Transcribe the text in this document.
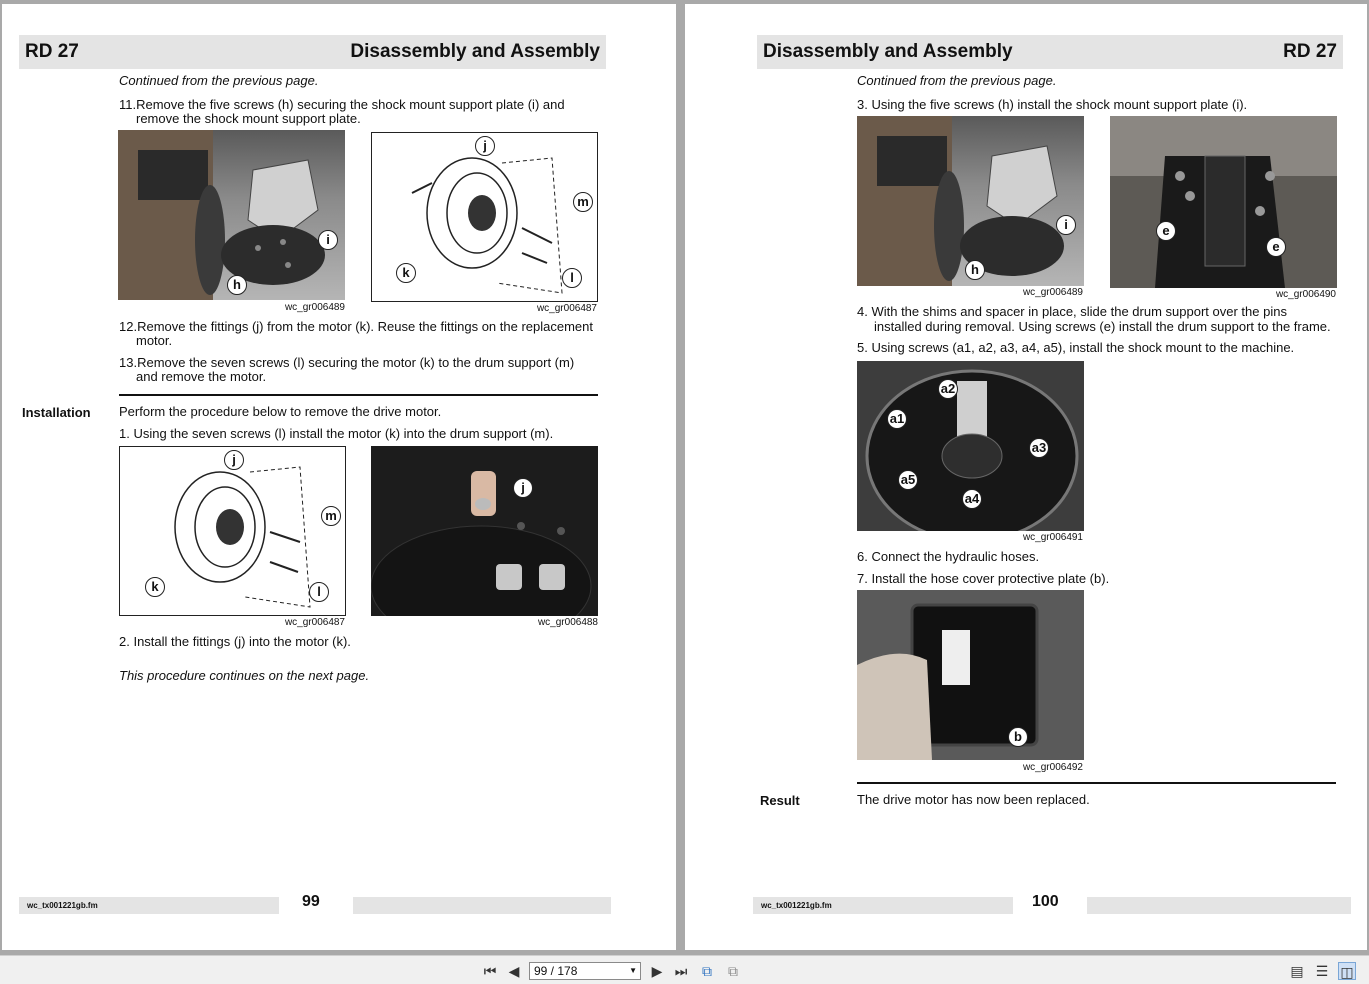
RD 27	Disassembly and Assembly
Continued from the previous page.
11.Remove the five screws (h) securing the shock mount support plate (i) and
remove the shock mount support plate.
i
h
wc_gr006489
j
m
k	l
wc_gr006487
12.Remove the fittings (j) from the motor (k). Reuse the fittings on the replacement
motor.
13.Remove the seven screws (l) securing the motor (k) to the drum support (m)
and remove the motor.
Installation Perform the procedure below to remove the drive motor.
1. Using the seven screws (l) install the motor (k) into the drum support (m).
j
m
k	l
wc_gr006487
j
wc_gr006488
2. Install the fittings (j) into the motor (k).
This procedure continues on the next page.
wc_tx001221gb.fm	99
Disassembly and Assembly	RD 27
Continued from the previous page.
3. Using the five screws (h) install the shock mount support plate (i).
i
h
wc_gr006489
e
e
wc_gr006490
4. With the shims and spacer in place, slide the drum support over the pins
installed during removal. Using screws (e) install the drum support to the frame.
5. Using screws (a1, a2, a3, a4, a5), install the shock mount to the machine.
a2
a1
a3
a5
a4
wc_gr006491
6. Connect the hydraulic hoses.
7. Install the hose cover protective plate (b).
b
wc_gr006492
Result	The drive motor has now been replaced.
wc_tx001221gb.fm	100
⏮ ◀	99 / 178	▼ ▶ ⏭ ⧉ ⧉	▤ ☰ ◫
